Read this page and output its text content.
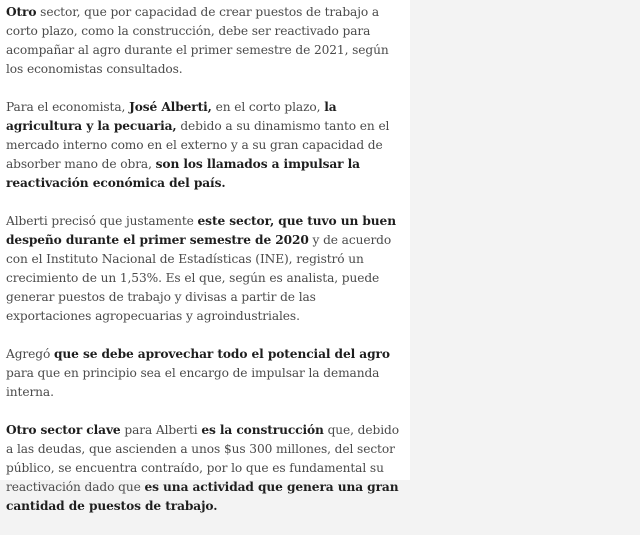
Otro sector, que por capacidad de crear puestos de trabajo a corto plazo, como la construcción, debe ser reactivado para acompañar al agro durante el primer semestre de 2021, según los economistas consultados.

Para el economista, José Alberti, en el corto plazo, la agricultura y la pecuaria, debido a su dinamismo tanto en el mercado interno como en el externo y a su gran capacidad de absorber mano de obra, son los llamados a impulsar la reactivación económica del país.

Alberti precisó que justamente este sector, que tuvo un buen despeño durante el primer semestre de 2020 y de acuerdo con el Instituto Nacional de Estadísticas (INE), registró un crecimiento de un 1,53%. Es el que, según es analista, puede generar puestos de trabajo y divisas a partir de las exportaciones agropecuarias y agroindustriales.

Agregó que se debe aprovechar todo el potencial del agro para que en principio sea el encargo de impulsar la demanda interna.

Otro sector clave para Alberti es la construcción que, debido a las deudas, que ascienden a unos $us 300 millones, del sector público, se encuentra contraído, por lo que es fundamental su reactivación dado que es una actividad que genera una gran cantidad de puestos de trabajo.
